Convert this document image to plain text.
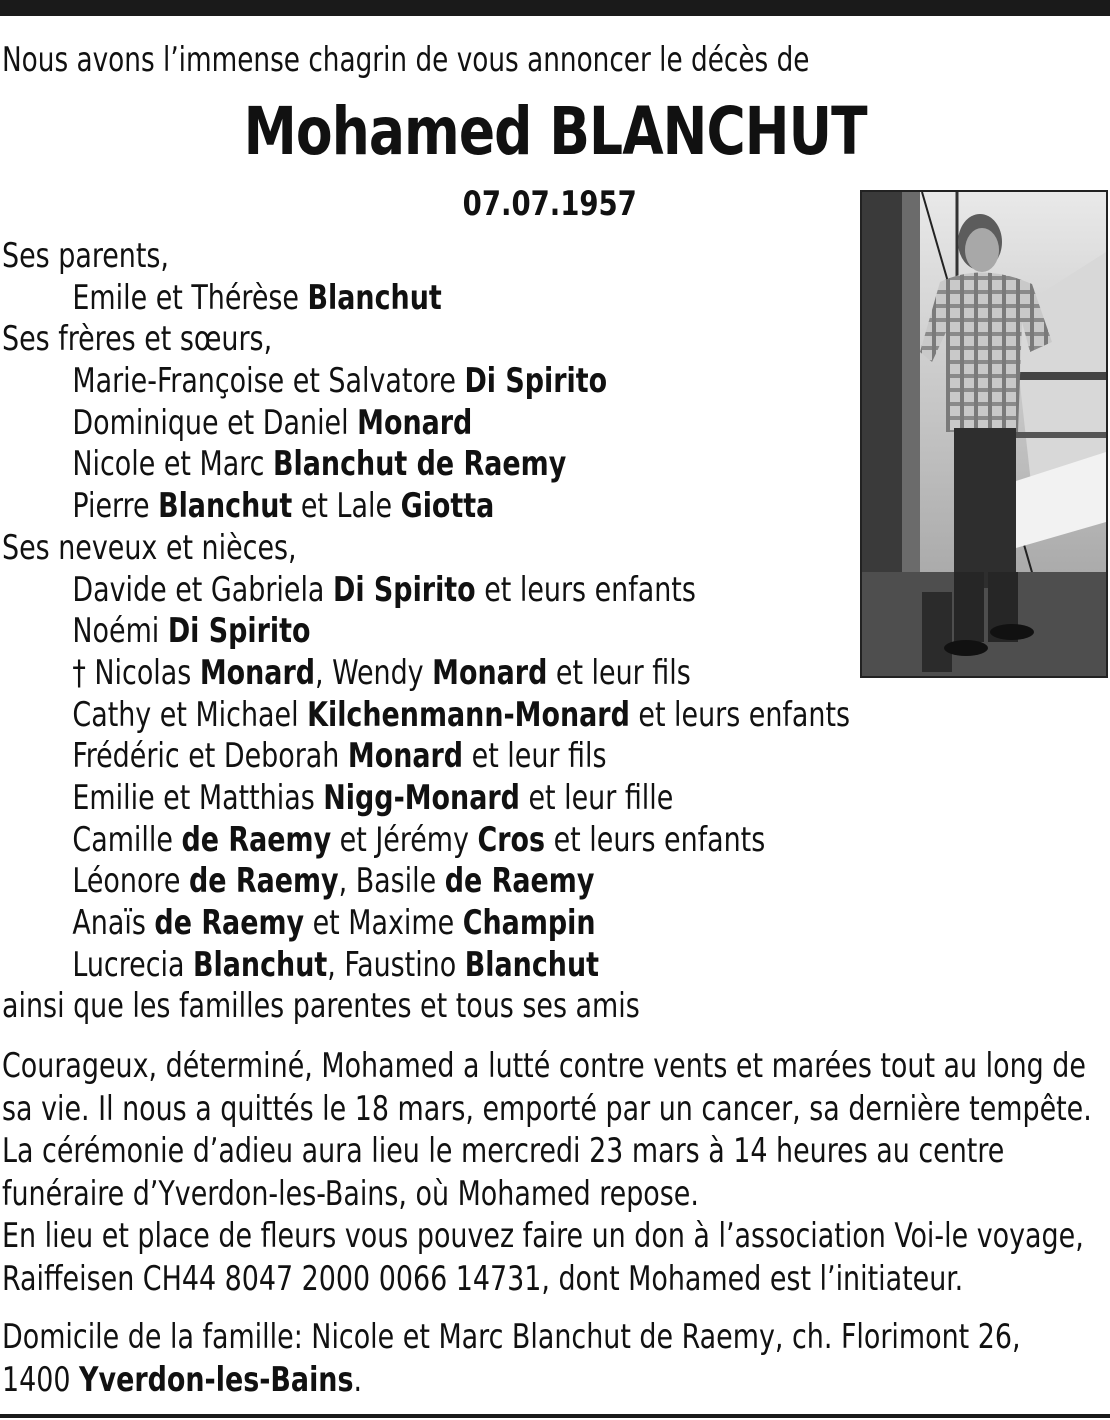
Nous avons l’immense chagrin de vous annoncer le décès de
Mohamed BLANCHUT
07.07.1957
Ses parents,
Emile et Thérèse Blanchut
Ses frères et sœurs,
Marie-Françoise et Salvatore Di Spirito
Dominique et Daniel Monard
Nicole et Marc Blanchut de Raemy
Pierre Blanchut et Lale Giotta
Ses neveux et nièces,
Davide et Gabriela Di Spirito et leurs enfants
Noémi Di Spirito
† Nicolas Monard, Wendy Monard et leur fils
Cathy et Michael Kilchenmann-Monard et leurs enfants
Frédéric et Deborah Monard et leur fils
Emilie et Matthias Nigg-Monard et leur fille
Camille de Raemy et Jérémy Cros et leurs enfants
Léonore de Raemy, Basile de Raemy
Anaïs de Raemy et Maxime Champin
Lucrecia Blanchut, Faustino Blanchut
ainsi que les familles parentes et tous ses amis
Courageux, déterminé, Mohamed a lutté contre vents et marées tout au long de
sa vie. Il nous a quittés le 18 mars, emporté par un cancer, sa dernière tempête.
La cérémonie d’adieu aura lieu le mercredi 23 mars à 14 heures au centre
funéraire d’Yverdon-les-Bains, où Mohamed repose.
En lieu et place de fleurs vous pouvez faire un don à l’association Voi-le voyage,
Raiffeisen CH44 8047 2000 0066 14731, dont Mohamed est l’initiateur.
Domicile de la famille: Nicole et Marc Blanchut de Raemy, ch. Florimont 26,
1400 Yverdon-les-Bains.
